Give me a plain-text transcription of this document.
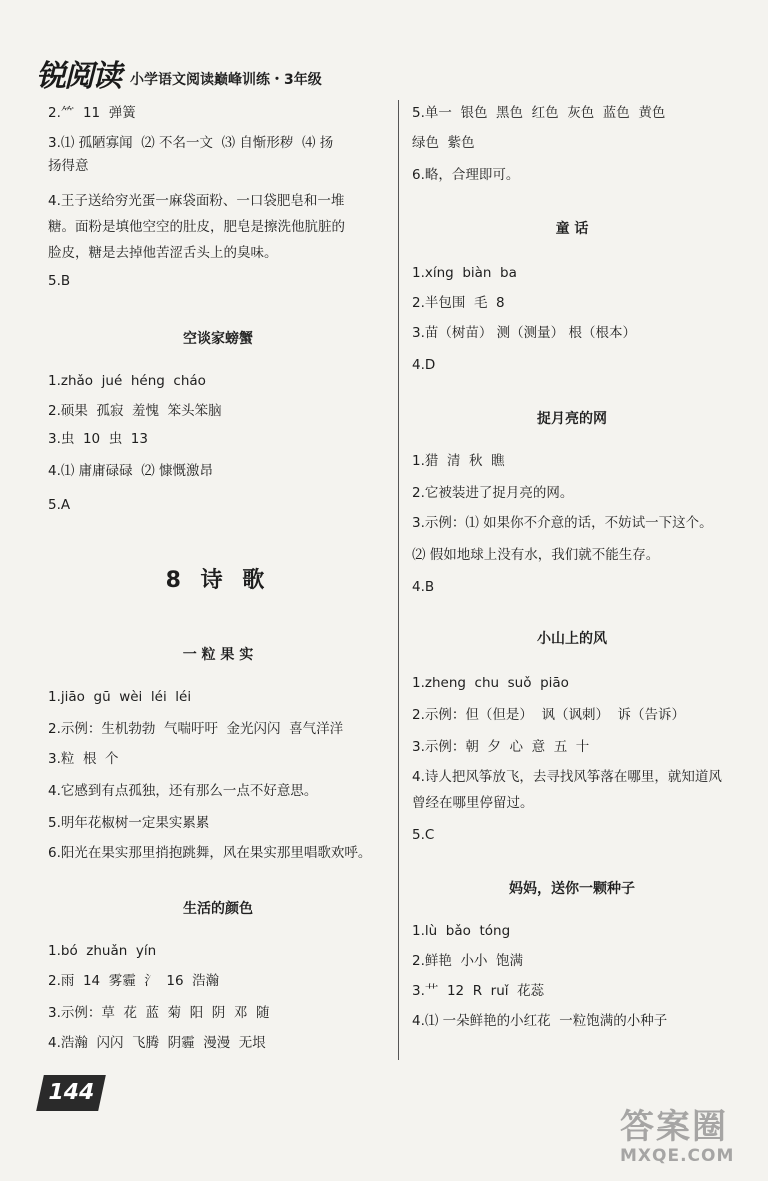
锐阅读 小学语文阅读巅峰训练・3年级
2.⺮  11  弹簧
3.⑴ 孤陋寡闻  ⑵ 不名一文  ⑶ 自惭形秽  ⑷ 扬
扬得意
4.王子送给穷光蛋一麻袋面粉、一口袋肥皂和一堆
糖。面粉是填他空空的肚皮，肥皂是擦洗他肮脏的
脸皮，糖是去掉他苦涩舌头上的臭味。
5.B
空谈家螃蟹
1.zhǎo  jué  héng  cháo
2.硕果  孤寂  羞愧  笨头笨脑
3.虫  10  虫  13
4.⑴ 庸庸碌碌  ⑵ 慷慨激昂
5.A
8 诗 歌
一 粒 果 实
1.jiāo  gū  wèi  léi  léi
2.示例：生机勃勃  气喘吁吁  金光闪闪  喜气洋洋
3.粒  根  个
4.它感到有点孤独，还有那么一点不好意思。
5.明年花椒树一定果实累累
6.阳光在果实那里捎抱跳舞，风在果实那里唱歌欢呼。
生活的颜色
1.bó  zhuǎn  yín
2.雨  14  雾霾  氵  16  浩瀚
3.示例：草  花  蓝  菊  阳  阴  邓  随
4.浩瀚  闪闪  飞腾  阴霾  漫漫  无垠
5.单一  银色  黑色  红色  灰色  蓝色  黄色
绿色  紫色
6.略，合理即可。
童 话
1.xíng  biàn  ba
2.半包围  毛  8
3.苗（树苗） 测（测量） 根（根本）
4.D
捉月亮的网
1.猎  清  秋  瞧
2.它被装进了捉月亮的网。
3.示例：⑴ 如果你不介意的话，不妨试一下这个。
⑵ 假如地球上没有水，我们就不能生存。
4.B
小山上的风
1.zheng  chu  suǒ  piāo
2.示例：但（但是）  讽（讽刺）  诉（告诉）
3.示例：朝  夕  心  意  五  十
4.诗人把风筝放飞，去寻找风筝落在哪里，就知道风
曾经在哪里停留过。
5.C
妈妈，送你一颗种子
1.lù  bǎo  tóng
2.鲜艳  小小  饱满
3.艹  12  R  ruǐ  花蕊
4.⑴ 一朵鲜艳的小红花  一粒饱满的小种子
144
答案圈
MXQE.COM
